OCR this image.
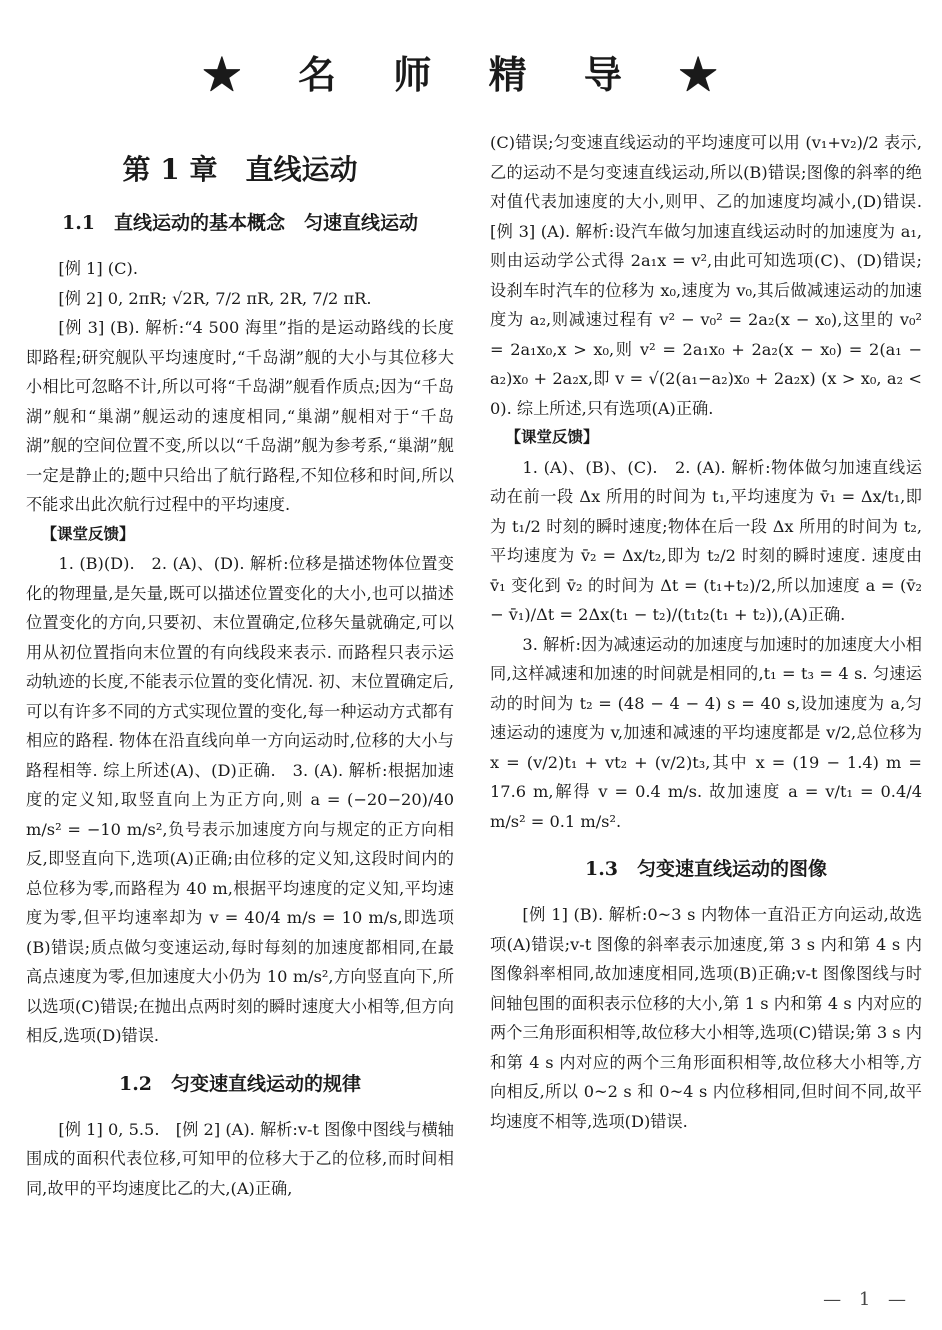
★ 名 师 精 导 ★
第 1 章　直线运动
1.1　直线运动的基本概念　匀速直线运动

[例 1] (C).

[例 2] 0, 2πR; √2R, 7/2 πR, 2R, 7/2 πR.

[例 3] (B). 解析:“4 500 海里”指的是运动路线的长度即路程;研究舰队平均速度时,“千岛湖”舰的大小与其位移大小相比可忽略不计,所以可将“千岛湖”舰看作质点;因为“千岛湖”舰和“巢湖”舰运动的速度相同,“巢湖”舰相对于“千岛湖”舰的空间位置不变,所以以“千岛湖”舰为参考系,“巢湖”舰一定是静止的;题中只给出了航行路程,不知位移和时间,所以不能求出此次航行过程中的平均速度.

【课堂反馈】

1. (B)(D).　2. (A)、(D). 解析:位移是描述物体位置变化的物理量,是矢量,既可以描述位置变化的大小,也可以描述位置变化的方向,只要初、末位置确定,位移矢量就确定,可以用从初位置指向末位置的有向线段来表示. 而路程只表示运动轨迹的长度,不能表示位置的变化情况. 初、末位置确定后,可以有许多不同的方式实现位置的变化,每一种运动方式都有相应的路程. 物体在沿直线向单一方向运动时,位移的大小与路程相等. 综上所述(A)、(D)正确.　3. (A). 解析:根据加速度的定义知,取竖直向上为正方向,则 a = (−20−20)/40 m/s² = −10 m/s²,负号表示加速度方向与规定的正方向相反,即竖直向下,选项(A)正确;由位移的定义知,这段时间内的总位移为零,而路程为 40 m,根据平均速度的定义知,平均速度为零,但平均速率却为 v = 40/4 m/s = 10 m/s,即选项(B)错误;质点做匀变速运动,每时每刻的加速度都相同,在最高点速度为零,但加速度大小仍为 10 m/s²,方向竖直向下,所以选项(C)错误;在抛出点两时刻的瞬时速度大小相等,但方向相反,选项(D)错误.

1.2　匀变速直线运动的规律

[例 1] 0, 5.5.　[例 2] (A). 解析:v-t 图像中图线与横轴围成的面积代表位移,可知甲的位移大于乙的位移,而时间相同,故甲的平均速度比乙的大,(A)正确,

(C)错误;匀变速直线运动的平均速度可以用 (v₁+v₂)/2 表示,乙的运动不是匀变速直线运动,所以(B)错误;图像的斜率的绝对值代表加速度的大小,则甲、乙的加速度均减小,(D)错误.　[例 3] (A). 解析:设汽车做匀加速直线运动时的加速度为 a₁,则由运动学公式得 2a₁x = v²,由此可知选项(C)、(D)错误;设刹车时汽车的位移为 x₀,速度为 v₀,其后做减速运动的加速度为 a₂,则减速过程有 v² − v₀² = 2a₂(x − x₀),这里的 v₀² = 2a₁x₀,x > x₀,则 v² = 2a₁x₀ + 2a₂(x − x₀) = 2(a₁ − a₂)x₀ + 2a₂x,即 v = √(2(a₁−a₂)x₀ + 2a₂x) (x > x₀, a₂ < 0). 综上所述,只有选项(A)正确.

【课堂反馈】

1. (A)、(B)、(C).　2. (A). 解析:物体做匀加速直线运动在前一段 Δx 所用的时间为 t₁,平均速度为 v̄₁ = Δx/t₁,即为 t₁/2 时刻的瞬时速度;物体在后一段 Δx 所用的时间为 t₂,平均速度为 v̄₂ = Δx/t₂,即为 t₂/2 时刻的瞬时速度. 速度由 v̄₁ 变化到 v̄₂ 的时间为 Δt = (t₁+t₂)/2,所以加速度 a = (v̄₂ − v̄₁)/Δt = 2Δx(t₁ − t₂)/(t₁t₂(t₁ + t₂)),(A)正确.

3. 解析:因为减速运动的加速度与加速时的加速度大小相同,这样减速和加速的时间就是相同的,t₁ = t₃ = 4 s. 匀速运动的时间为 t₂ = (48 − 4 − 4) s = 40 s,设加速度为 a,匀速运动的速度为 v,加速和减速的平均速度都是 v/2,总位移为 x = (v/2)t₁ + vt₂ + (v/2)t₃,其中 x = (19 − 1.4) m = 17.6 m,解得 v = 0.4 m/s. 故加速度 a = v/t₁ = 0.4/4 m/s² = 0.1 m/s².

1.3　匀变速直线运动的图像

[例 1] (B). 解析:0~3 s 内物体一直沿正方向运动,故选项(A)错误;v-t 图像的斜率表示加速度,第 3 s 内和第 4 s 内图像斜率相同,故加速度相同,选项(B)正确;v-t 图像图线与时间轴包围的面积表示位移的大小,第 1 s 内和第 4 s 内对应的两个三角形面积相等,故位移大小相等,选项(C)错误;第 3 s 内和第 4 s 内对应的两个三角形面积相等,故位移大小相等,方向相反,所以 0~2 s 和 0~4 s 内位移相同,但时间不同,故平均速度不相等,选项(D)错误.

— 1 —
